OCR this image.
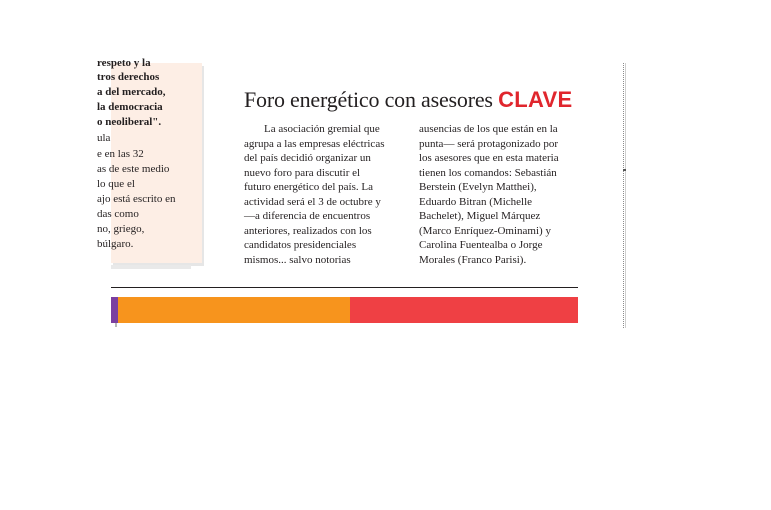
respeto y la
tros derechos
a del mercado,
la democracia
o neoliberal".
ula
e en las 32
as de este medio
lo que el
ajo está escrito en
das como
no, griego,
búlgaro.
Foro energético con asesores CLAVE
La asociación gremial que
agrupa a las empresas eléctricas
del país decidió organizar un
nuevo foro para discutir el
futuro energético del país. La
actividad será el 3 de octubre y
—a diferencia de encuentros
anteriores, realizados con los
candidatos presidenciales
mismos... salvo notorias
ausencias de los que están en la
punta— será protagonizado por
los asesores que en esta materia
tienen los comandos: Sebastián
Berstein (Evelyn Matthei),
Eduardo Bitran (Michelle
Bachelet), Miguel Márquez
(Marco Enríquez-Ominami) y
Carolina Fuentealba o Jorge
Morales (Franco Parisi).
